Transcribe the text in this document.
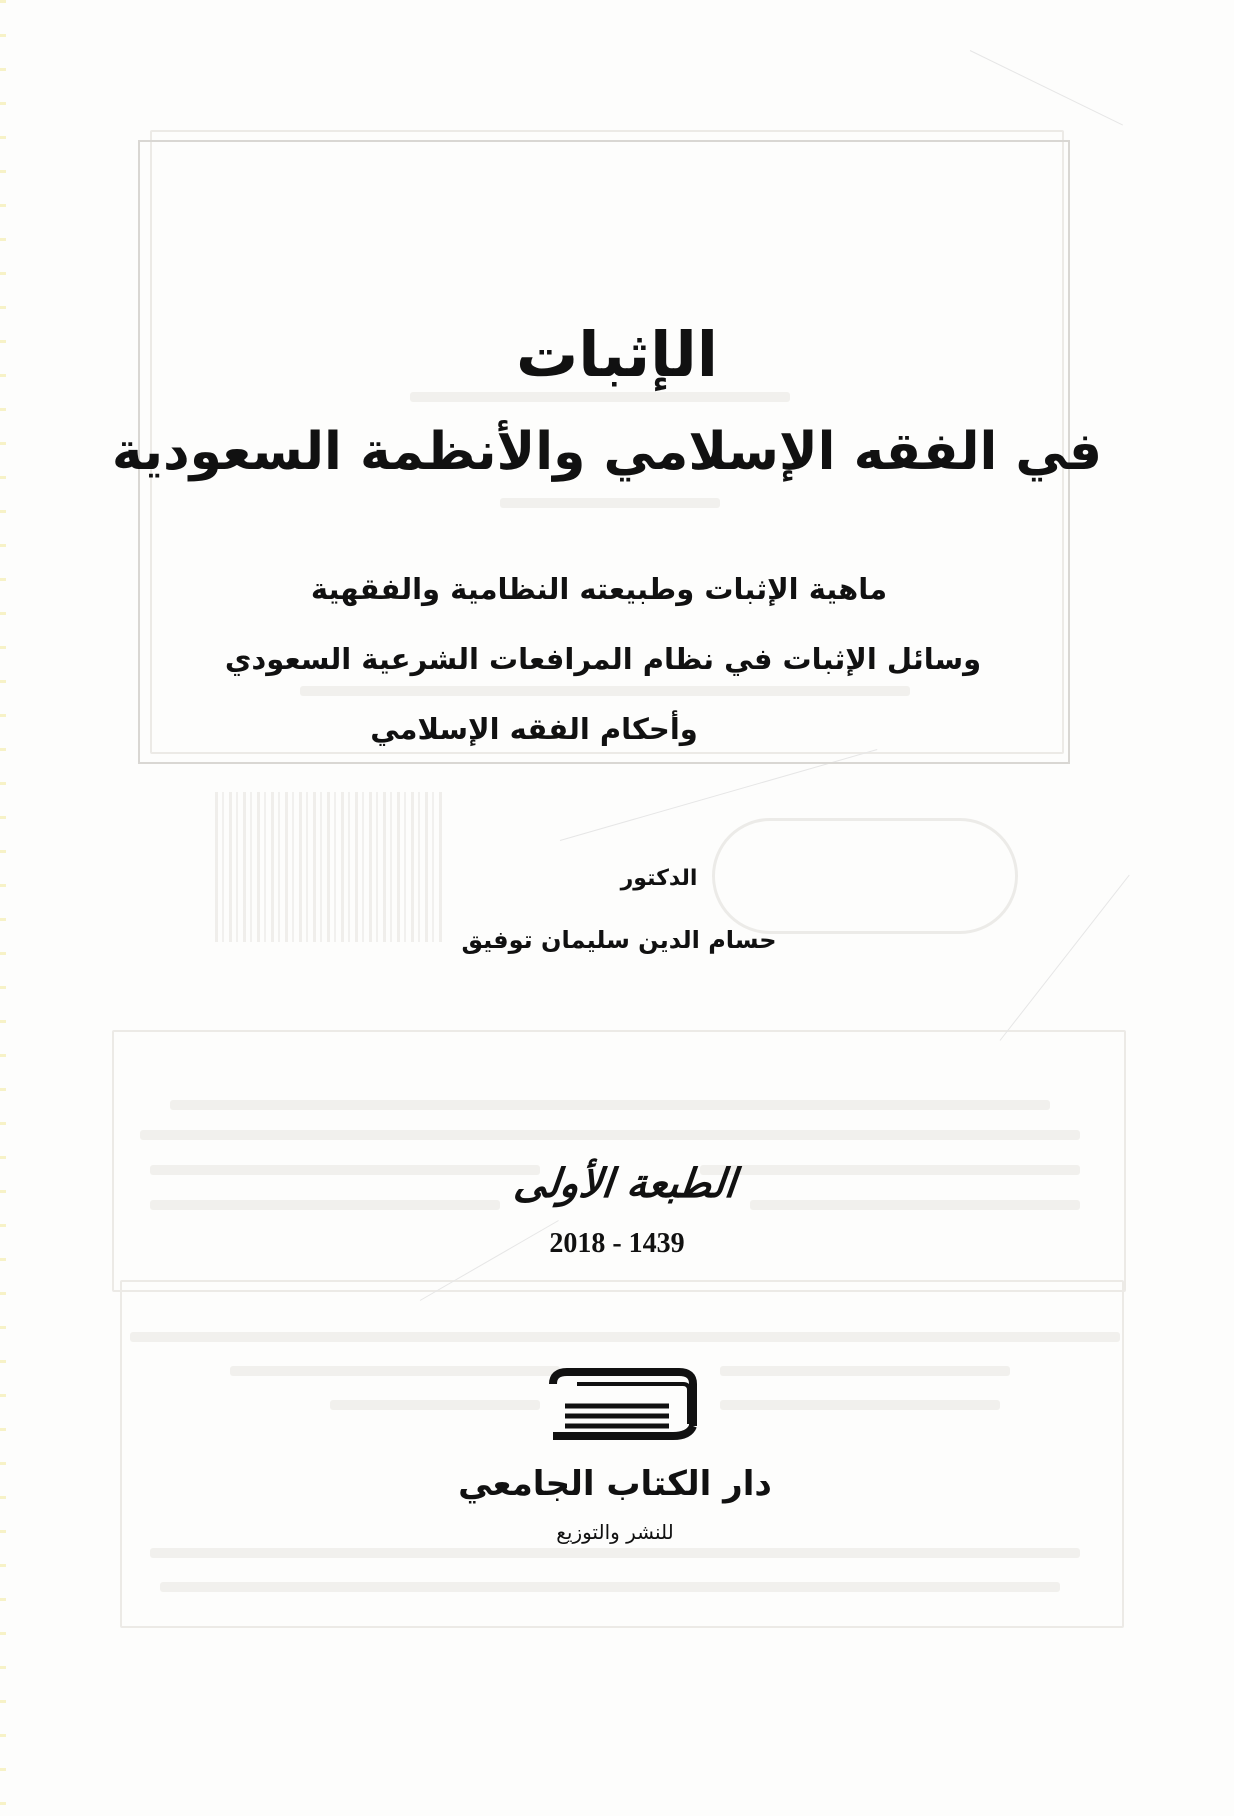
الإثبات
في الفقه الإسلامي والأنظمة السعودية
ماهية الإثبات وطبيعته النظامية والفقهية
وسائل الإثبات في نظام المرافعات الشرعية السعودي
وأحكام الفقه الإسلامي
الدكتور
حسام الدين سليمان توفيق
الطبعة الأولى
2018 - 1439
دار الكتاب الجامعي
للنشر والتوزيع
